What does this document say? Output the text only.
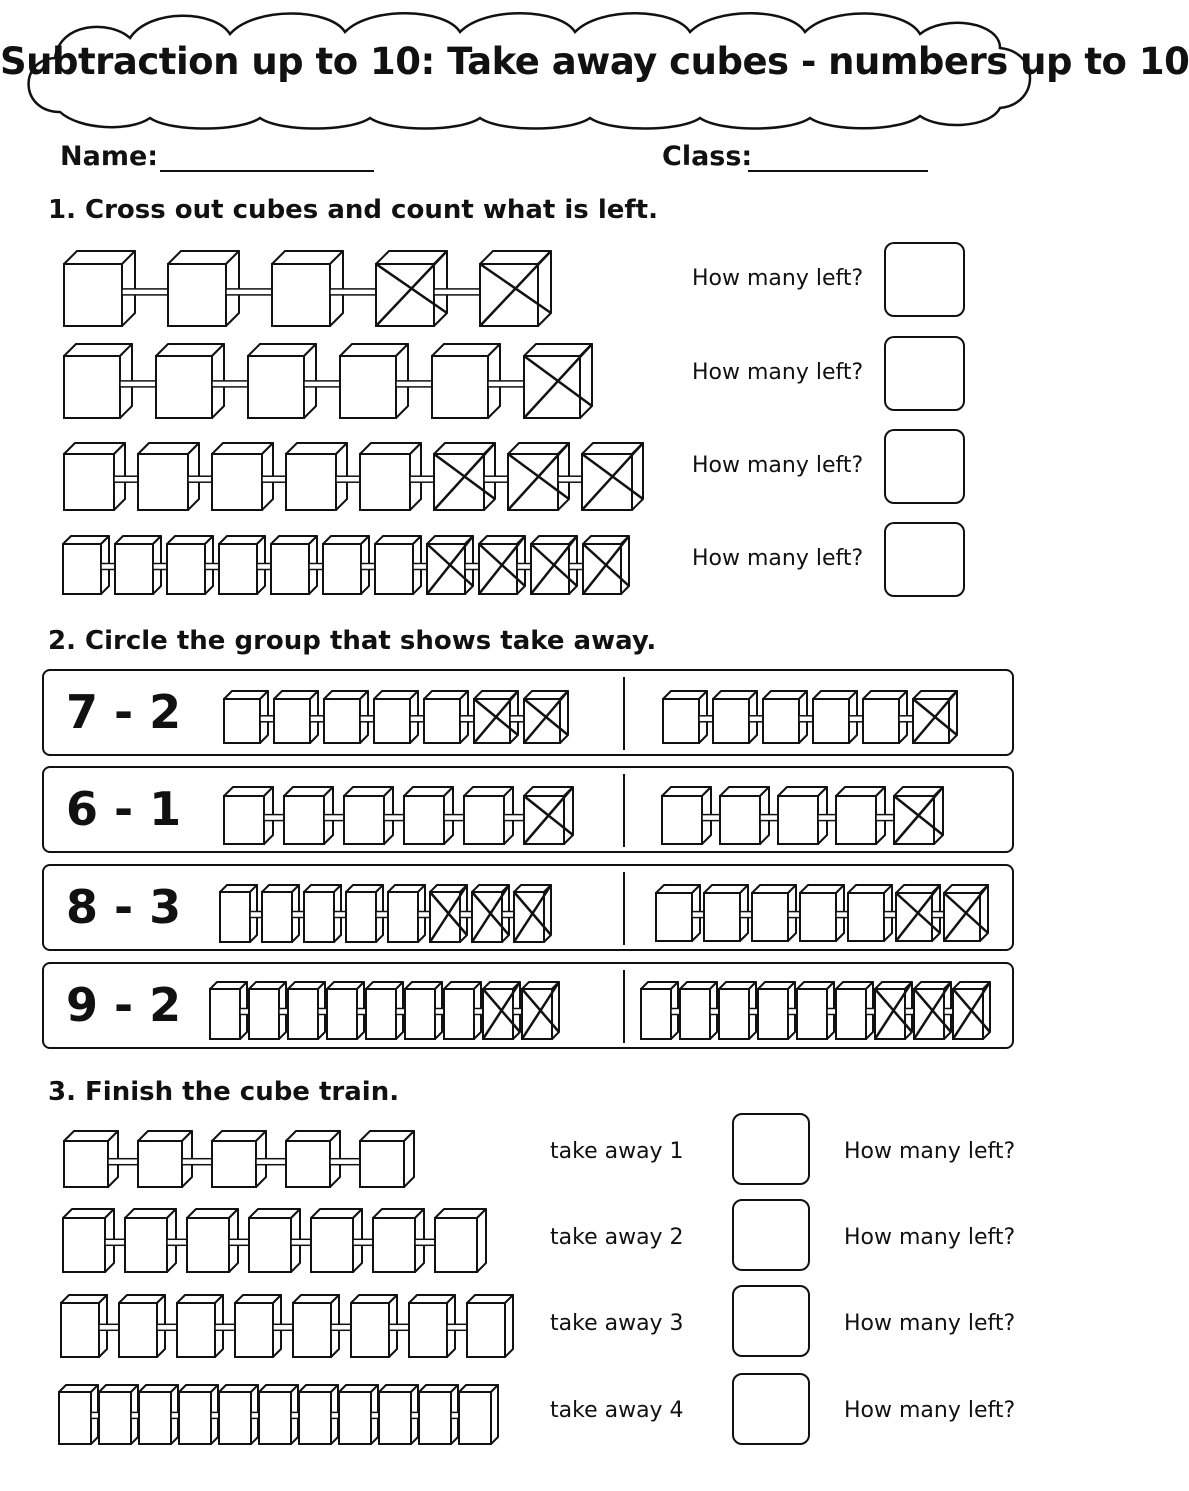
Subtraction up to 10: Take away cubes - numbers up to 10
Name:	Class:
1. Cross out cubes and count what is left.
How many left?
How many left?
How many left?
How many left?
2. Circle the group that shows take away.
7 - 2
6 - 1
8 - 3
9 - 2
3. Finish the cube train.
take away 1	How many left?
take away 2	How many left?
take away 3	How many left?
take away 4	How many left?
